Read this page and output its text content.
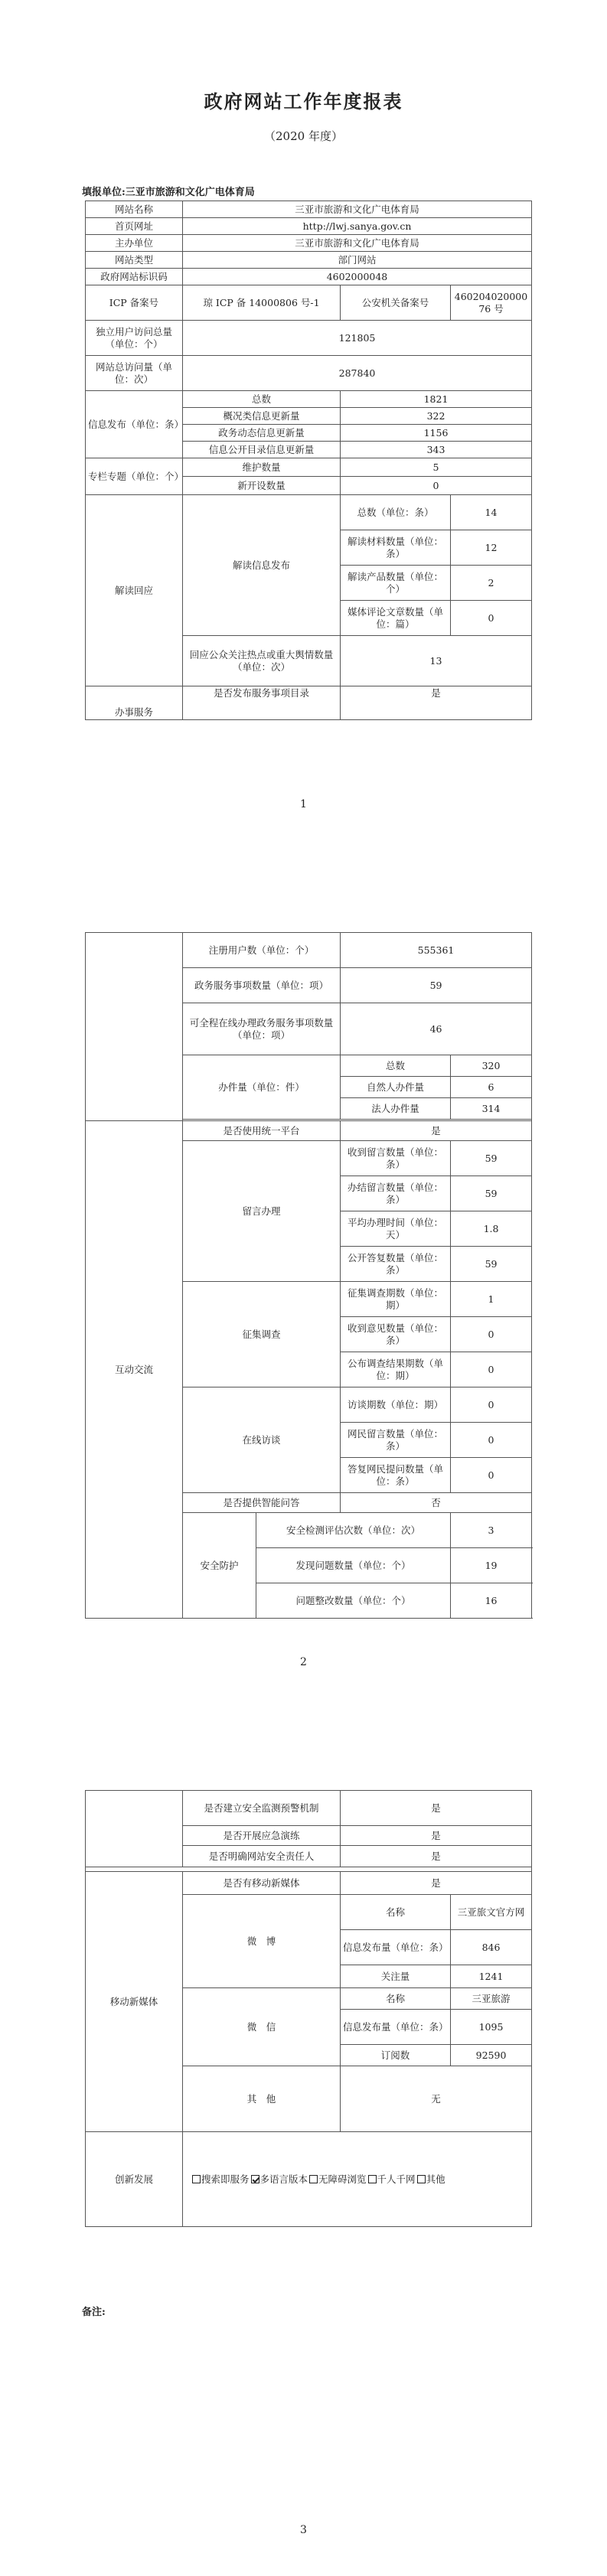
政府网站工作年度报表
（2020 年度）
填报单位:三亚市旅游和文化广电体育局
网站名称	三亚市旅游和文化广电体育局		
首页网址	http://lwj.sanya.gov.cn		
主办单位	三亚市旅游和文化广电体育局		
网站类型	部门网站		
政府网站标识码	4602000048		
ICP 备案号	琼 ICP 备 14000806 号-1	公安机关备案号	46020402000076 号
独立用户访问总量（单位：个）	121805		
网站总访问量（单位：次）	287840		
信息发布（单位：条）	总数	1821	
	概况类信息更新量	322	
	政务动态信息更新量	1156	
	信息公开目录信息更新量	343	
专栏专题（单位：个）	维护数量	5	
	新开设数量	0	
解读回应	解读信息发布	总数（单位：条）	14
		解读材料数量（单位：条）	12
		解读产品数量（单位：个）	2
		媒体评论文章数量（单位：篇）	0
	回应公众关注热点或重大舆情数量（单位：次）	13	
办事服务	是否发布服务事项目录	是	
1
	注册用户数（单位：个）		555361	
	政务服务事项数量（单位：项）		59	
	可全程在线办理政务服务事项数量（单位：项）		46	
	办件量（单位：件）		总数	320
			自然人办件量	6
			法人办件量	314

互动交流	是否使用统一平台		是	
	留言办理		收到留言数量（单位：条）	59
			办结留言数量（单位：条）	59
			平均办理时间（单位：天）	1.8
			公开答复数量（单位：条）	59
	征集调查		征集调查期数（单位：期）	1
			收到意见数量（单位：条）	0
			公布调查结果期数（单位：期）	0
	在线访谈		访谈期数（单位：期）	0
			网民留言数量（单位：条）	0
			答复网民提问数量（单位：条）	0
	是否提供智能问答		否	
	安全防护	安全检测评估次数（单位：次）		3
		发现问题数量（单位：个）		19
		问题整改数量（单位：个）		16
2
	是否建立安全监测预警机制	是	
	是否开展应急演练	是	
	是否明确网站安全责任人	是	

移动新媒体	是否有移动新媒体	是	
	微　博	名称	三亚旅文官方网
		信息发布量（单位：条）	846
		关注量	1241
	微　信	名称	三亚旅游
		信息发布量（单位：条）	1095
		订阅数	92590
	其　他	无	
创新发展	搜索即服务 多语言版本 无障碍浏览 千人千网 其他		
备注:
3
